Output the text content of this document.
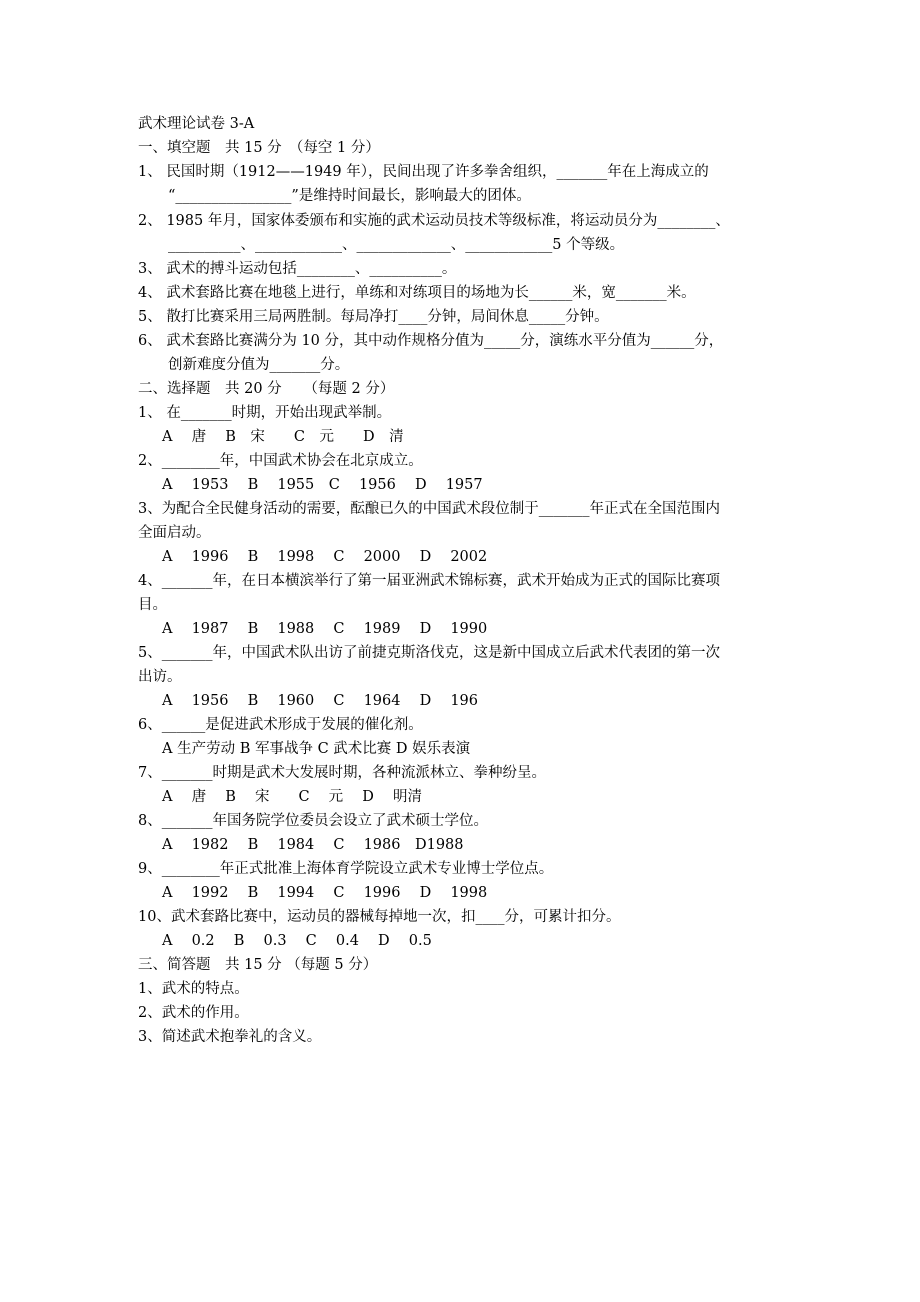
武术理论试卷 3-A
一、填空题　共 15 分　（每空 1 分）
1、 民国时期（1912——1949 年），民间出现了许多拳舍组织，_______年在上海成立的
“________________”是维持时间最长，影响最大的团体。
2、 1985 年月，国家体委颁布和实施的武术运动员技术等级标准，将运动员分为________、
__________、____________、_____________、____________5 个等级。
3、 武术的搏斗运动包括________、__________。
4、 武术套路比赛在地毯上进行，单练和对练项目的场地为长______米，宽_______米。
5、 散打比赛采用三局两胜制。每局净打____分钟，局间休息_____分钟。
6、 武术套路比赛满分为 10 分，其中动作规格分值为_____分，演练水平分值为______分，
创新难度分值为_______分。
二、选择题　共 20 分　　（每题 2 分）
1、 在_______时期，开始出现武举制。
A　 唐　 B　宋　　C　元　　D　清
2、________年，中国武术协会在北京成立。
A　 1953　 B　 1955　C　 1956　 D　 1957
3、为配合全民健身活动的需要，酝酿已久的中国武术段位制于_______年正式在全国范围内
全面启动。
A　 1996　 B　 1998　 C　 2000　 D　 2002
4、_______年，在日本横滨举行了第一届亚洲武术锦标赛，武术开始成为正式的国际比赛项
目。
A　 1987　 B　 1988　 C　 1989　 D　 1990
5、_______年，中国武术队出访了前捷克斯洛伐克，这是新中国成立后武术代表团的第一次
出访。
A　 1956　 B　 1960　 C　 1964　 D　 196
6、______是促进武术形成于发展的催化剂。
A 生产劳动 B 军事战争 C 武术比赛 D 娱乐表演
7、_______时期是武术大发展时期，各种流派林立、拳种纷呈。
A　 唐　 B　 宋　　C　 元　 D　 明清
8、_______年国务院学位委员会设立了武术硕士学位。
A　 1982　 B　 1984　 C　 1986　D1988
9、________年正式批准上海体育学院设立武术专业博士学位点。
A　 1992　 B　 1994　 C　 1996　 D　 1998
10、武术套路比赛中，运动员的器械每掉地一次，扣____分，可累计扣分。
A　 0.2　 B　 0.3　 C　 0.4　 D　 0.5
三、简答题　共 15 分 （每题 5 分）
1、武术的特点。
2、武术的作用。
3、简述武术抱拳礼的含义。
